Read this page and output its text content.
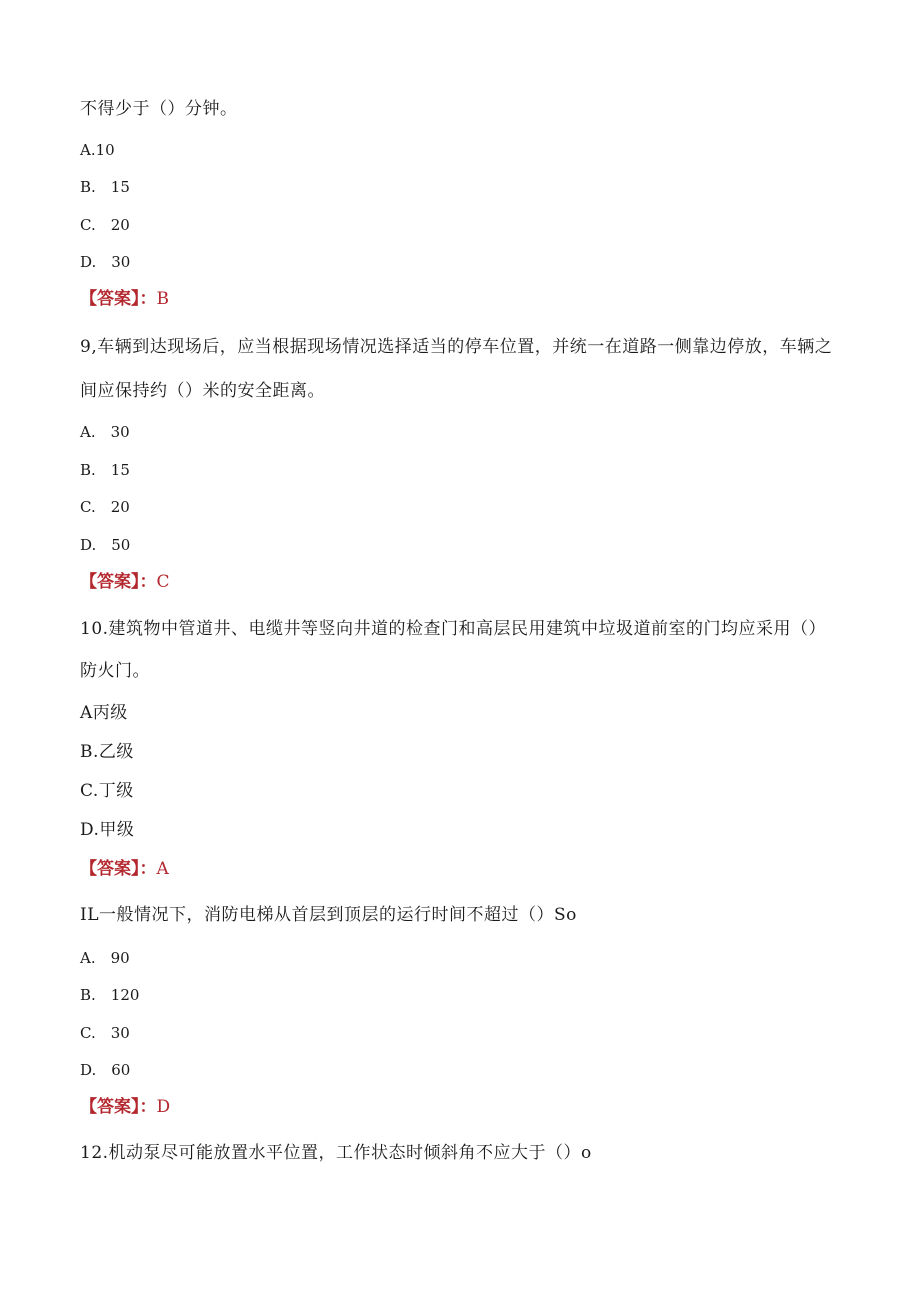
不得少于（）分钟。
A.10
B.　15
C.　20
D.　30
【答案】：B
9,车辆到达现场后，应当根据现场情况选择适当的停车位置，并统一在道路一侧靠边停放，车辆之
间应保持约（）米的安全距离。
A.　30
B.　15
C.　20
D.　50
【答案】：C
10.建筑物中管道井、电缆井等竖向井道的检查门和高层民用建筑中垃圾道前室的门均应采用（）
防火门。
A丙级
B.乙级
C.丁级
D.甲级
【答案】：A
IL一般情况下，消防电梯从首层到顶层的运行时间不超过（）So
A.　90
B.　120
C.　30
D.　60
【答案】：D
12.机动泵尽可能放置水平位置，工作状态时倾斜角不应大于（）o
